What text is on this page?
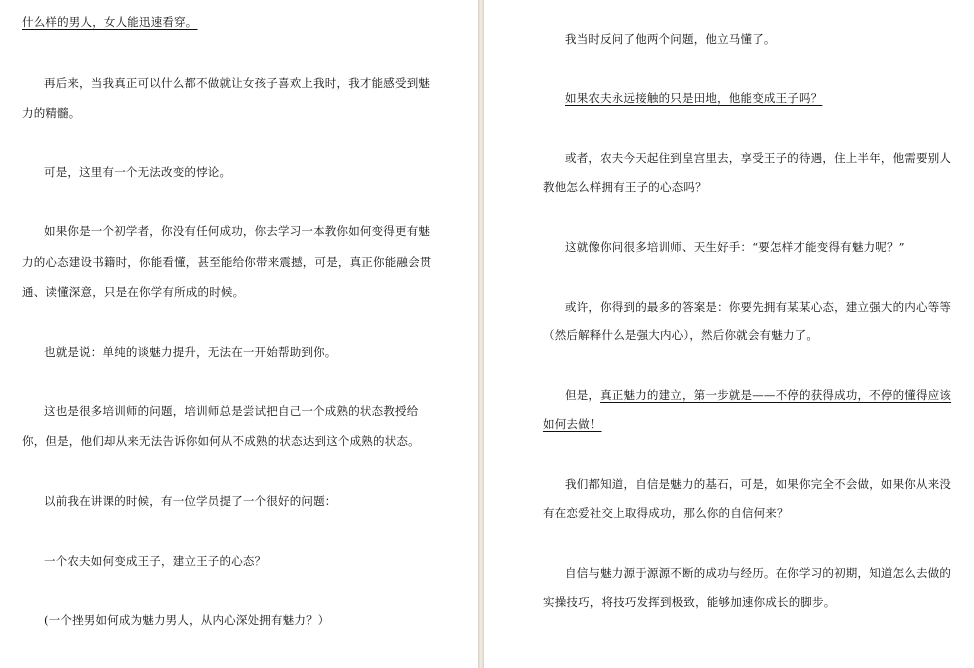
什么样的男人，女人能迅速看穿。

再后来，当我真正可以什么都不做就让女孩子喜欢上我时，我才能感受到魅

力的精髓。

可是，这里有一个无法改变的悖论。

如果你是一个初学者，你没有任何成功，你去学习一本教你如何变得更有魅

力的心态建设书籍时，你能看懂，甚至能给你带来震撼，可是，真正你能融会贯

通、读懂深意，只是在你学有所成的时候。

也就是说：单纯的谈魅力提升，无法在一开始帮助到你。

这也是很多培训师的问题，培训师总是尝试把自己一个成熟的状态教授给

你，但是，他们却从来无法告诉你如何从不成熟的状态达到这个成熟的状态。

以前我在讲课的时候，有一位学员提了一个很好的问题：

一个农夫如何变成王子，建立王子的心态？

(一个挫男如何成为魅力男人，从内心深处拥有魅力？）

我当时反问了他两个问题，他立马懂了。

如果农夫永远接触的只是田地，他能变成王子吗？

或者，农夫今天起住到皇宫里去，享受王子的待遇，住上半年，他需要别人

教他怎么样拥有王子的心态吗？

这就像你问很多培训师、天生好手：“要怎样才能变得有魅力呢？”

或许，你得到的最多的答案是：你要先拥有某某心态，建立强大的内心等等

（然后解释什么是强大内心），然后你就会有魅力了。

但是，真正魅力的建立，第一步就是——不停的获得成功，不停的懂得应该

如何去做！

我们都知道，自信是魅力的基石，可是，如果你完全不会做，如果你从来没

有在恋爱社交上取得成功，那么你的自信何来？

自信与魅力源于源源不断的成功与经历。在你学习的初期，知道怎么去做的

实操技巧，将技巧发挥到极致，能够加速你成长的脚步。
